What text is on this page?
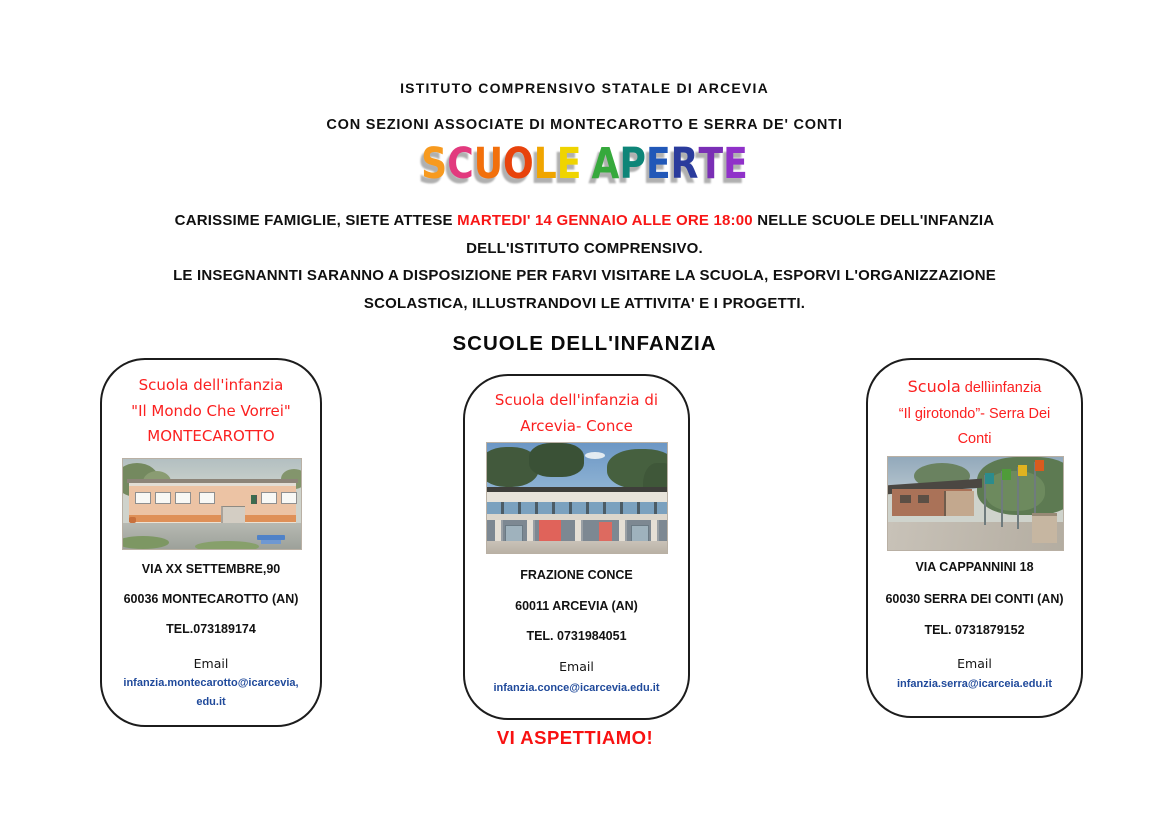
ISTITUTO COMPRENSIVO STATALE DI ARCEVIA
CON SEZIONI ASSOCIATE DI MONTECAROTTO E SERRA DE' CONTI
SCUOLE APERTE
CARISSIME FAMIGLIE, SIETE ATTESE MARTEDI' 14 GENNAIO ALLE ORE 18:00 NELLE SCUOLE DELL'INFANZIA
DELL'ISTITUTO COMPRENSIVO.
LE INSEGNANNTI SARANNO A DISPOSIZIONE PER FARVI VISITARE LA SCUOLA, ESPORVI L'ORGANIZZAZIONE
SCOLASTICA, ILLUSTRANDOVI LE ATTIVITA' E I PROGETTI.
SCUOLE DELL'INFANZIA
Scuola dell'infanzia
"Il Mondo Che Vorrei"
MONTECAROTTO
VIA XX SETTEMBRE,90
60036 MONTECAROTTO (AN)
TEL.073189174
Email
infanzia.montecarotto@icarcevia,
edu.it
Scuola dell'infanzia di
Arcevia- Conce
FRAZIONE CONCE
60011 ARCEVIA (AN)
TEL. 0731984051
Email
infanzia.conce@icarcevia.edu.it
Scuola dellìinfanzia
“Il girotondo”- Serra Dei
Conti
VIA CAPPANNINI 18
60030 SERRA DEI CONTI (AN)
TEL. 0731879152
Email
infanzia.serra@icarceia.edu.it
VI ASPETTIAMO!
